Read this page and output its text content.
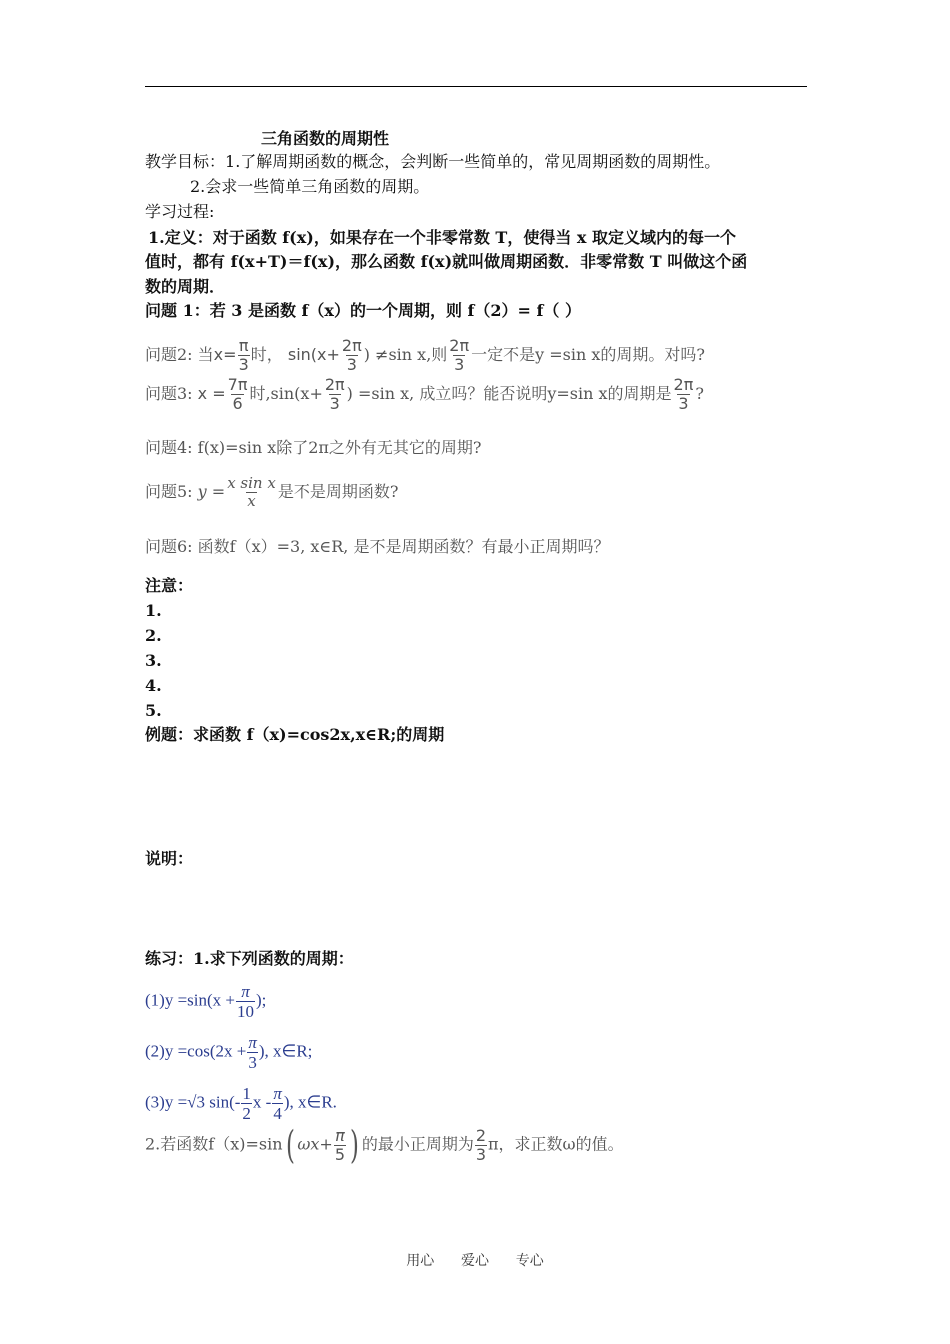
三角函数的周期性
教学目标：1.了解周期函数的概念，会判断一些简单的，常见周期函数的周期性。
2.会求一些简单三角函数的周期。
学习过程:
1.定义：对于函数 f(x)，如果存在一个非零常数 T，使得当 x 取定义域内的每一个
值时，都有 f(x+T)＝f(x)，那么函数 f(x)就叫做周期函数．非零常数 T 叫做这个函
数的周期．
问题 1：若 3 是函数 f（x）的一个周期，则 f（2）= f（ ）
问题2: 当$x= \frac{\pi}{3}$ 时， $\sin(x+ \frac{2\pi}{3}$ ) ≠sin x,则 $\frac{2\pi}{3}$ 一定不是y =sin x的周期。对吗?
问题3: $x = \frac{7\pi}{6}$ 时$,\sin(x+ \frac{2\pi}{3}$ ) =sin x, 成立吗？能否说明y=sin x的周期是 $\frac{2\pi}{3}$ ?
问题4: f(x)=sin x除了2π之外有无其它的周期?
问题5: $y = \frac{\text{x sin x}}{x}$ 是不是周期函数?
问题6: 函数f（x）=3, x∈R, 是不是周期函数？有最小正周期吗？
注意：
1.
2.
3.
4.
5.
例题：求函数 f（x)=cos2x,x∈R;的周期
说明：
练习：1.求下列函数的周期：
$(1)y =\sin(x + \frac{\pi}{10}$ );
$(2)y =\cos(2x + \frac{\pi}{3}$ ), x∈R;
(3)y =√3 $\sin(- \frac{1}{2}$ x - $\frac{\pi}{4}$ ), x∈R.
2.若函数f（x)=sin( $\omega x+ \frac{\pi}{5}$ ) 的最小正周期为 $\frac{2}{3}$ π，求正数ω的值。
用心      爱心      专心
